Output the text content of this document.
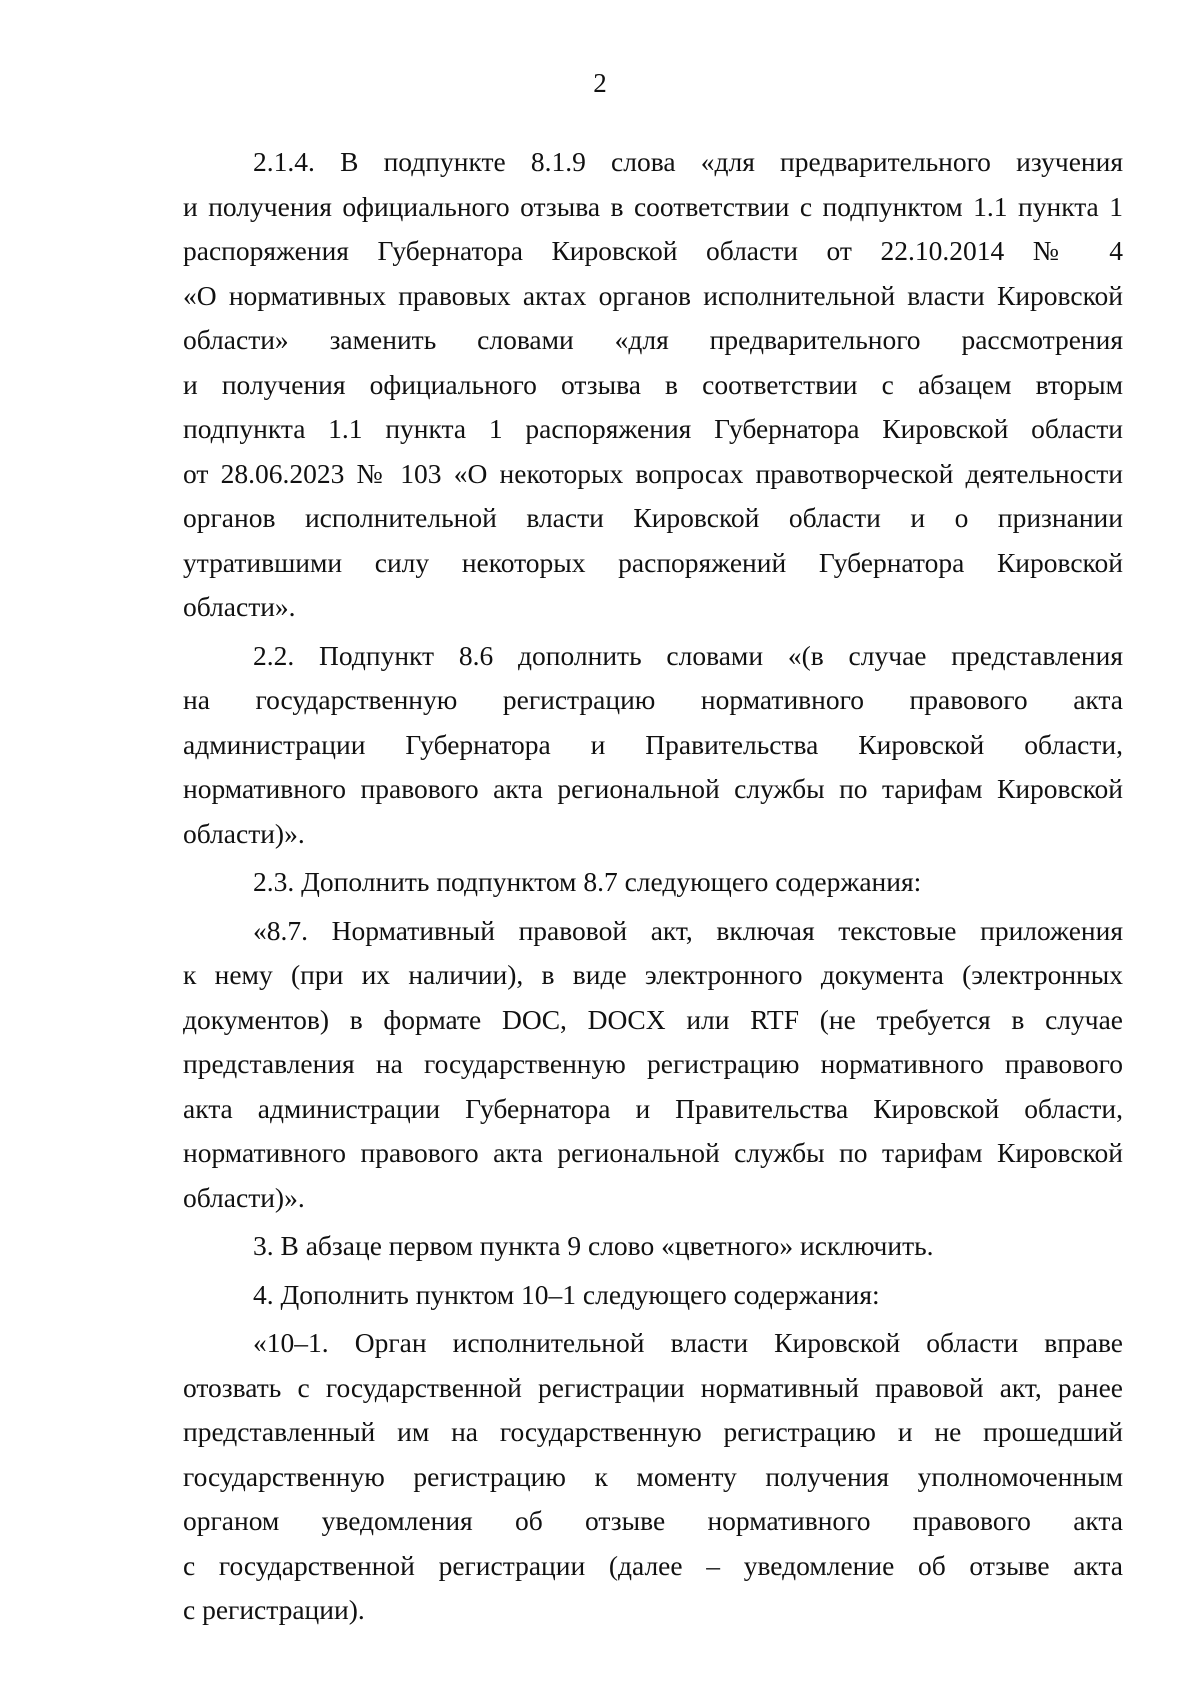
2

2.1.4. В подпункте 8.1.9 слова «для предварительного изучения
и получения официального отзыва в соответствии с подпунктом 1.1 пункта 1
распоряжения Губернатора Кировской области от 22.10.2014 № 4
«О нормативных правовых актах органов исполнительной власти Кировской
области» заменить словами «для предварительного рассмотрения
и получения официального отзыва в соответствии с абзацем вторым
подпункта 1.1 пункта 1 распоряжения Губернатора Кировской области
от 28.06.2023 № 103 «О некоторых вопросах правотворческой деятельности
органов исполнительной власти Кировской области и о признании
утратившими силу некоторых распоряжений Губернатора Кировской
области».

2.2. Подпункт 8.6 дополнить словами «(в случае представления
на государственную регистрацию нормативного правового акта
администрации Губернатора и Правительства Кировской области,
нормативного правового акта региональной службы по тарифам Кировской
области)».

2.3. Дополнить подпунктом 8.7 следующего содержания:

«8.7. Нормативный правовой акт, включая текстовые приложения
к нему (при их наличии), в виде электронного документа (электронных
документов) в формате DOC, DOCX или RTF (не требуется в случае
представления на государственную регистрацию нормативного правового
акта администрации Губернатора и Правительства Кировской области,
нормативного правового акта региональной службы по тарифам Кировской
области)».

3. В абзаце первом пункта 9 слово «цветного» исключить.

4. Дополнить пунктом 10–1 следующего содержания:

«10–1. Орган исполнительной власти Кировской области вправе
отозвать с государственной регистрации нормативный правовой акт, ранее
представленный им на государственную регистрацию и не прошедший
государственную регистрацию к моменту получения уполномоченным
органом уведомления об отзыве нормативного правового акта
с государственной регистрации (далее – уведомление об отзыве акта
с регистрации).
